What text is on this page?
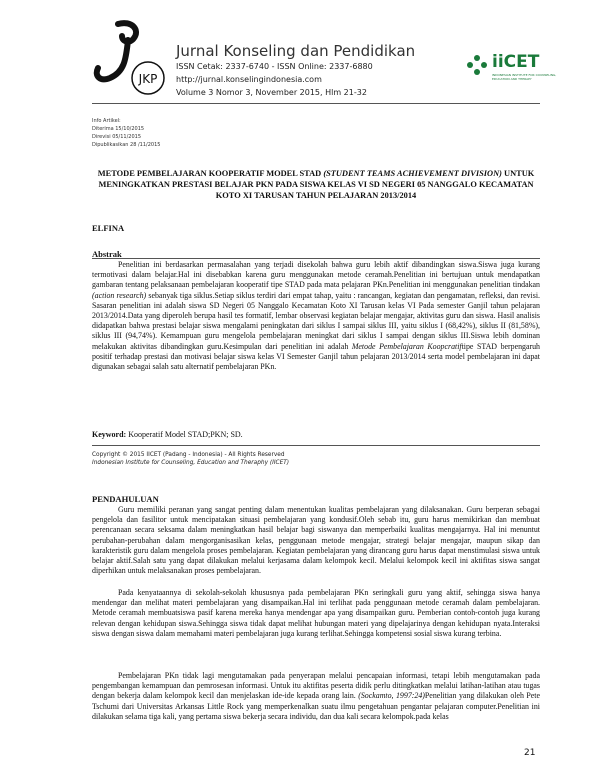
JKP
Jurnal Konseling dan Pendidikan
ISSN Cetak: 2337-6740 - ISSN Online: 2337-6880
http://jurnal.konselingindonesia.com
Volume 3 Nomor 3, November 2015, Hlm 21-32
iiCET
INDONESIAN INSTITUTE FOR COUNSELING, EDUCATION AND THERAPY
Info Artikel:
Diterima 15/10/2015
Direvisi 05/11/2015
Dipublikasikan 28 /11/2015
METODE PEMBELAJARAN KOOPERATIF MODEL STAD (STUDENT TEAMS ACHIEVEMENT DIVISION) UNTUK MENINGKATKAN PRESTASI BELAJAR PKN PADA SISWA KELAS VI SD NEGERI 05 NANGGALO KECAMATAN KOTO XI TARUSAN TAHUN PELAJARAN 2013/2014
ELFINA
Abstrak
Penelitian ini berdasarkan permasalahan yang terjadi disekolah bahwa guru lebih aktif dibandingkan siswa.Siswa juga kurang termotivasi dalam belajar.Hal ini disebabkan karena guru menggunakan metode ceramah.Penelitian ini bertujuan untuk mendapatkan gambaran tentang pelaksanaan pembelajaran kooperatif tipe STAD pada mata pelajaran PKn.Penelitian ini menggunakan penelitian tindakan (action research) sebanyak tiga siklus.Setiap siklus terdiri dari empat tahap, yaitu : rancangan, kegiatan dan pengamatan, refleksi, dan revisi. Sasaran penelitian ini adalah siswa SD Negeri 05 Nanggalo Kecamatan Koto XI Tarusan kelas VI Pada semester Ganjil tahun pelajaran 2013/2014.Data yang diperoleh berupa hasil tes formatif, lembar observasi kegiatan belajar mengajar, aktivitas guru dan siswa. Hasil analisis didapatkan bahwa prestasi belajar siswa mengalami peningkatan dari siklus I sampai siklus III, yaitu siklus I (68,42%), siklus II (81,58%), siklus III (94,74%). Kemampuan guru mengelola pembelajaran meningkat dari siklus I sampai dengan siklus III.Siswa lebih dominan melakukan aktivitas dibandingkan guru.Kesimpulan dari penelitian ini adalah Metode Pembelajaran Koopcratiftipe STAD berpengaruh positif terhadap prestasi dan motivasi belajar siswa kelas VI Semester Ganjil tahun pelajaran 2013/2014 serta model pembelajaran ini dapat digunakan sebagai salah satu alternatif pembelajaran PKn.
Keyword: Kooperatif Model STAD;PKN; SD.
Copyright © 2015 IICET (Padang - Indonesia) - All Rights Reserved
Indonesian Institute for Counseling, Education and Theraphy (IICET)
PENDAHULUAN
Guru memiliki peranan yang sangat penting dalam menentukan kualitas pembelajaran yang dilaksanakan. Guru berperan sebagai pengelola dan fasilitor untuk mencipatakan situasi pembelajaran yang kondusif.Oleh sebab itu, guru harus memikirkan dan membuat perencanaan secara seksama dalam meningkatkan hasil belajar bagi siswanya dan memperbaiki kualitas mengajarnya. Hal ini menuntut perubahan-perubahan dalam mengorganisasikan kelas, penggunaan metode mengajar, strategi belajar mengajar, maupun sikap dan karakteristik guru dalam mengelola proses pembelajaran. Kegiatan pembelajaran yang dirancang guru harus dapat menstimulasi siswa untuk belajar aktif.Salah satu yang dapat dilakukan melalui kerjasama dalam kelompok kecil. Melalui kelompok kecil ini aktifitas siswa sangat diperhikan untuk melaksanakan proses pembelajaran.
Pada kenyataannya di sekolah-sekolah khususnya pada pembelajaran PKn seringkali guru yang aktif, sehingga siswa hanya mendengar dan melihat materi pembelajaran yang disampaikan.Hal ini terlihat pada penggunaan metode ceramah dalam pembelajaran. Metode ceramah membuatsiswa pasif karena mereka hanya mendengar apa yang disampaikan guru. Pemberian contoh-contoh juga kurang relevan dengan kehidupan siswa.Sehingga siswa tidak dapat melihat hubungan materi yang dipelajarinya dengan kehidupan nyata.Interaksi siswa dengan siswa dalam memahami materi pembelajaran juga kurang terlihat.Sehingga kompetensi sosial siswa kurang terbina.
Pembelajaran PKn tidak lagi mengutamakan pada penyerapan melalui pencapaian informasi, tetapi lebih mengutamakan pada pengembangan kemampuan dan pemrosesan informasi. Untuk itu aktifitas peserta didik perlu ditingkatkan melalui latihan-latihan atau tugas dengan bekerja dalam kelompok kecil dan menjelaskan ide-ide kepada orang lain. (Sockamto, 1997:24)Penelitian yang dilakukan oleh Pete Tschumi dari Universitas Arkansas Little Rock yang memperkenalkan suatu ilmu pengetahuan pengantar pelajaran computer.Penelitian ini dilakukan selama tiga kali, yang pertama siswa bekerja secara individu, dan dua kali secara kelompok.pada kelas
21
